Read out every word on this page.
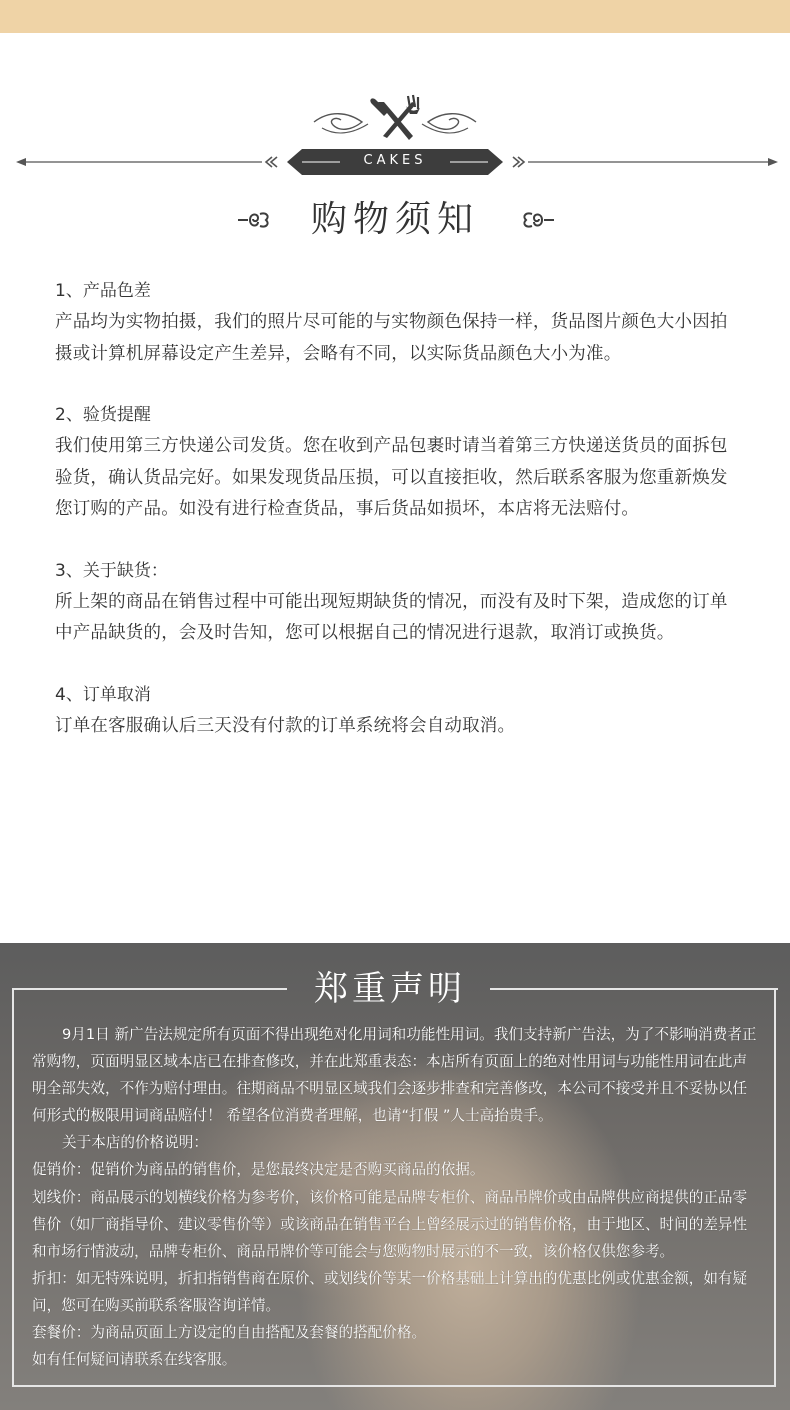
CAKES
购物须知
1、产品色差

产品均为实物拍摄，我们的照片尽可能的与实物颜色保持一样，货品图片颜色大小因拍摄或计算机屏幕设定产生差异，会略有不同，以实际货品颜色大小为准。

2、验货提醒

我们使用第三方快递公司发货。您在收到产品包裹时请当着第三方快递送货员的面拆包验货，确认货品完好。如果发现货品压损，可以直接拒收，然后联系客服为您重新焕发您订购的产品。如没有进行检查货品，事后货品如损坏，本店将无法赔付。

3、关于缺货：

所上架的商品在销售过程中可能出现短期缺货的情况，而没有及时下架，造成您的订单中产品缺货的，会及时告知，您可以根据自己的情况进行退款，取消订或换货。

4、订单取消

订单在客服确认后三天没有付款的订单系统将会自动取消。

郑重声明

9月1日 新广告法规定所有页面不得出现绝对化用词和功能性用词。我们支持新广告法，为了不影响消费者正常购物，页面明显区域本店已在排查修改，并在此郑重表态：本店所有页面上的绝对性用词与功能性用词在此声明全部失效，不作为赔付理由。往期商品不明显区域我们会逐步排查和完善修改，本公司不接受并且不妥协以任何形式的极限用词商品赔付！ 希望各位消费者理解，也请“打假 ”人士高抬贵手。

关于本店的价格说明：

促销价：促销价为商品的销售价，是您最终决定是否购买商品的依据。

划线价：商品展示的划横线价格为参考价，该价格可能是品牌专柜价、商品吊牌价或由品牌供应商提供的正品零售价（如厂商指导价、建议零售价等）或该商品在销售平台上曾经展示过的销售价格，由于地区、时间的差异性和市场行情波动，品牌专柜价、商品吊牌价等可能会与您购物时展示的不一致，该价格仅供您参考。

折扣：如无特殊说明，折扣指销售商在原价、或划线价等某一价格基础上计算出的优惠比例或优惠金额，如有疑问，您可在购买前联系客服咨询详情。

套餐价：为商品页面上方设定的自由搭配及套餐的搭配价格。

如有任何疑问请联系在线客服。
